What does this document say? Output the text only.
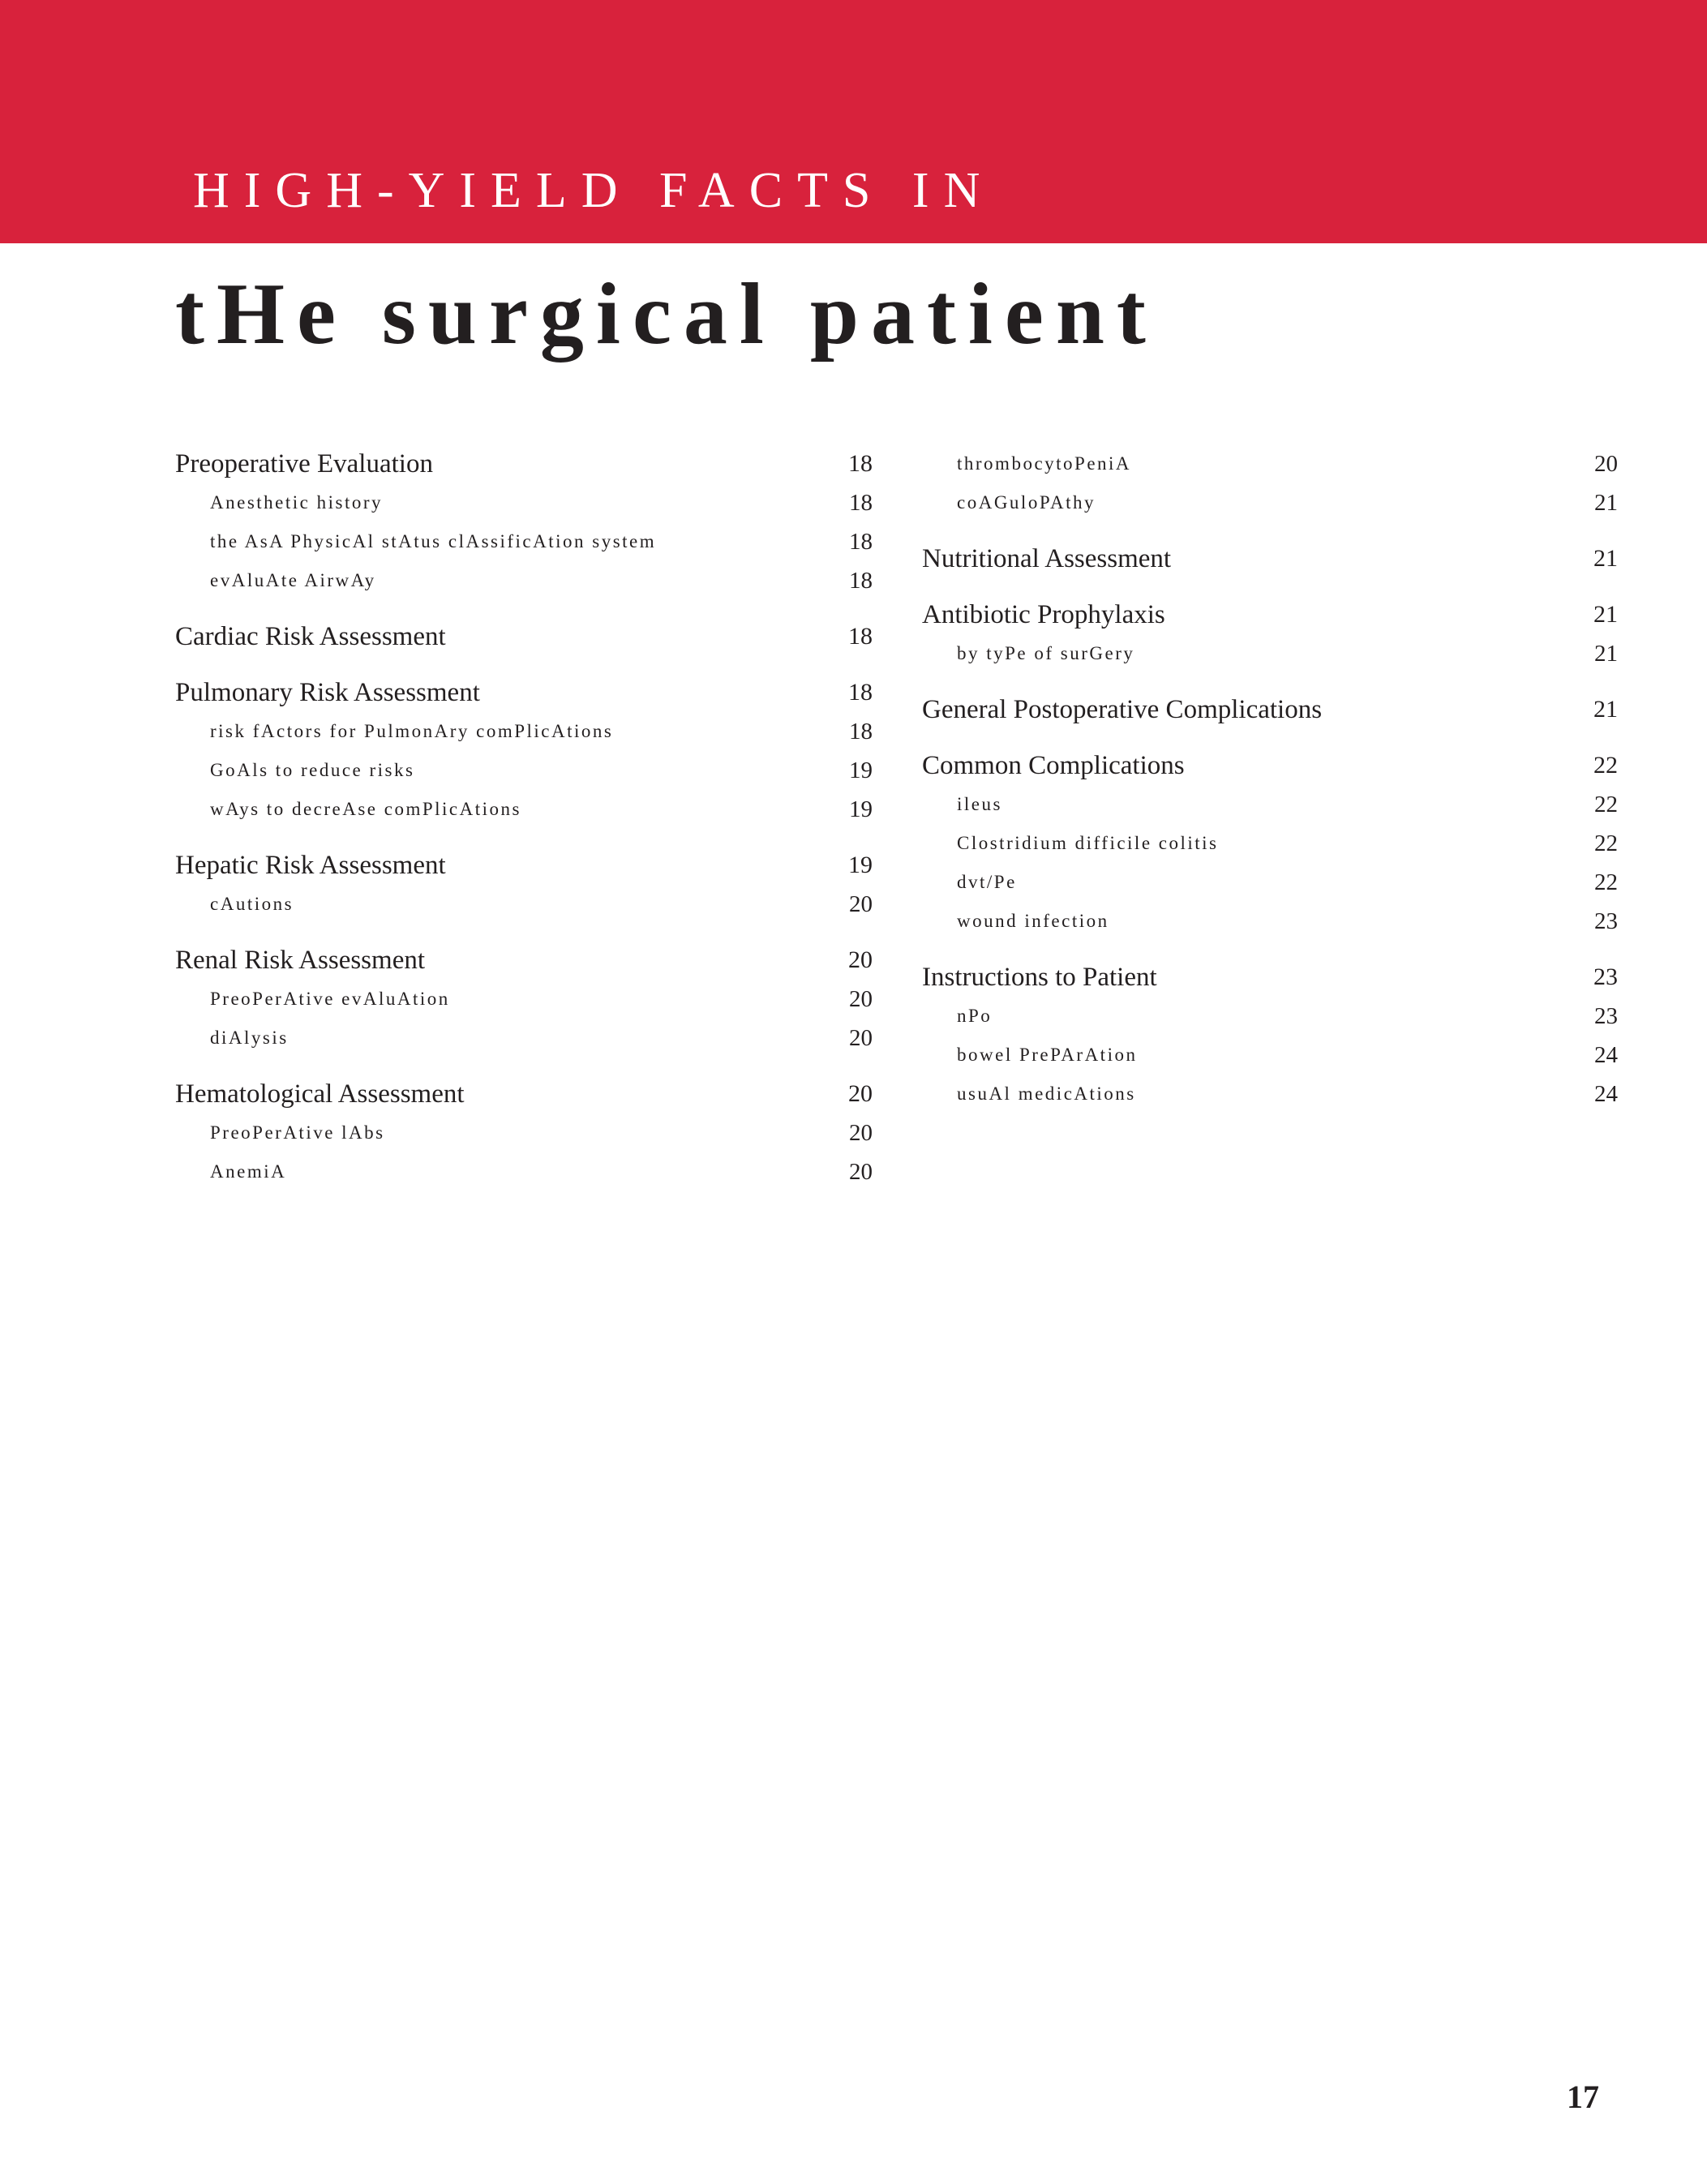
HIGH-YIELD FACTS IN
tHe surgical patient
Preoperative Evaluation	18
Anesthetic history	18
the AsA PhysicAl stAtus clAssificAtion system	18
evAluAte AirwAy	18
Cardiac Risk Assessment	18
Pulmonary Risk Assessment	18
risk fActors for PulmonAry comPlicAtions	18
GoAls to reduce risks	19
wAys to decreAse comPlicAtions	19
Hepatic Risk Assessment	19
cAutions	20
Renal Risk Assessment	20
PreoPerAtive evAluAtion	20
diAlysis	20
Hematological Assessment	20
PreoPerAtive lAbs	20
AnemiA	20
thrombocytoPeniA	20
coAGuloPAthy	21
Nutritional Assessment	21
Antibiotic Prophylaxis	21
by tyPe of surGery	21
General Postoperative Complications	21
Common Complications	22
ileus	22
Clostridium difficile colitis	22
dvt/Pe	22
wound infection	23
Instructions to Patient	23
nPo	23
bowel PrePArAtion	24
usuAl medicAtions	24
17
